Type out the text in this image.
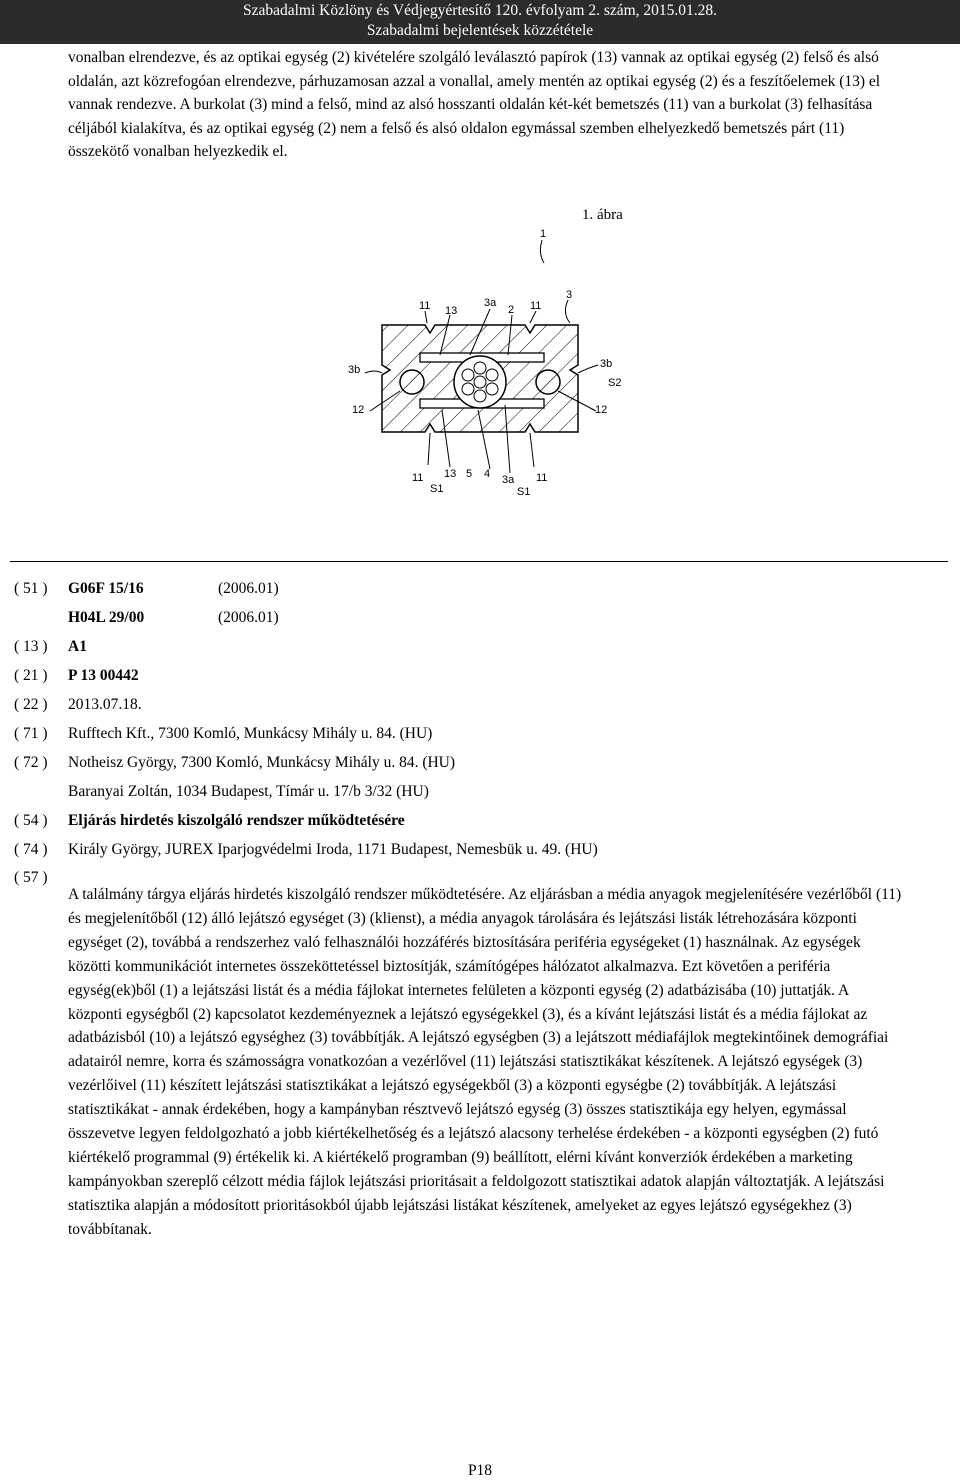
Szabadalmi Közlöny és Védjegyértesítő 120. évfolyam 2. szám, 2015.01.28.
Szabadalmi bejelentések közzététele

vonalban elrendezve, és az optikai egység (2) kivételére szolgáló leválasztó papírok (13) vannak az optikai egység (2) felső és alsó oldalán, azt közrefogóan elrendezve, párhuzamosan azzal a vonallal, amely mentén az optikai egység (2) és a feszítőelemek (13) el vannak rendezve. A burkolat (3) mind a felső, mind az alsó hosszanti oldalán két-két bemetszés (11) van a burkolat (3) felhasítása céljából kialakítva, és az optikai egység (2) nem a felső és alsó oldalon egymással szemben elhelyezkedő bemetszés párt (11) összekötő vonalban helyezkedik el.

1. ábra
1
3
11 13
3a
2 11
3b	3b
S2
12	12
11 13 5 4 3a 11
S1	S1
( 51 ) G06F 15/16	(2006.01)
H04L 29/00	(2006.01)
( 13 ) A1
( 21 ) P 13 00442
( 22 ) 2013.07.18.
( 71 ) Rufftech Kft., 7300 Komló, Munkácsy Mihály u. 84. (HU)
( 72 ) Notheisz György, 7300 Komló, Munkácsy Mihály u. 84. (HU)
Baranyai Zoltán, 1034 Budapest, Tímár u. 17/b 3/32 (HU)
( 54 ) Eljárás hirdetés kiszolgáló rendszer működtetésére
( 74 ) Király György, JUREX Iparjogvédelmi Iroda, 1171 Budapest, Nemesbük u. 49. (HU)
( 57 )

A találmány tárgya eljárás hirdetés kiszolgáló rendszer működtetésére. Az eljárásban a média anyagok megjelenítésére vezérlőből (11) és megjelenítőből (12) álló lejátszó egységet (3) (klienst), a média anyagok tárolására és lejátszási listák létrehozására központi egységet (2), továbbá a rendszerhez való felhasználói hozzáférés biztosítására periféria egységeket (1) használnak. Az egységek közötti kommunikációt internetes összeköttetéssel biztosítják, számítógépes hálózatot alkalmazva. Ezt követően a periféria egység(ek)ből (1) a lejátszási listát és a média fájlokat internetes felületen a központi egység (2) adatbázisába (10) juttatják. A központi egységből (2) kapcsolatot kezdeményeznek a lejátszó egységekkel (3), és a kívánt lejátszási listát és a média fájlokat az adatbázisból (10) a lejátszó egységhez (3) továbbítják. A lejátszó egységben (3) a lejátszott médiafájlok megtekintőinek demográfiai adatairól nemre, korra és számosságra vonatkozóan a vezérlővel (11) lejátszási statisztikákat készítenek. A lejátszó egységek (3) vezérlőivel (11) készített lejátszási statisztikákat a lejátszó egységekből (3) a központi egységbe (2) továbbítják. A lejátszási statisztikákat - annak érdekében, hogy a kampányban résztvevő lejátszó egység (3) összes statisztikája egy helyen, egymással összevetve legyen feldolgozható a jobb kiértékelhetőség és a lejátszó alacsony terhelése érdekében - a központi egységben (2) futó kiértékelő programmal (9) értékelik ki. A kiértékelő programban (9) beállított, elérni kívánt konverziók érdekében a marketing kampányokban szereplő célzott média fájlok lejátszási prioritásait a feldolgozott statisztikai adatok alapján változtatják. A lejátszási statisztika alapján a módosított prioritásokból újabb lejátszási listákat készítenek, amelyeket az egyes lejátszó egységekhez (3) továbbítanak.

P18
